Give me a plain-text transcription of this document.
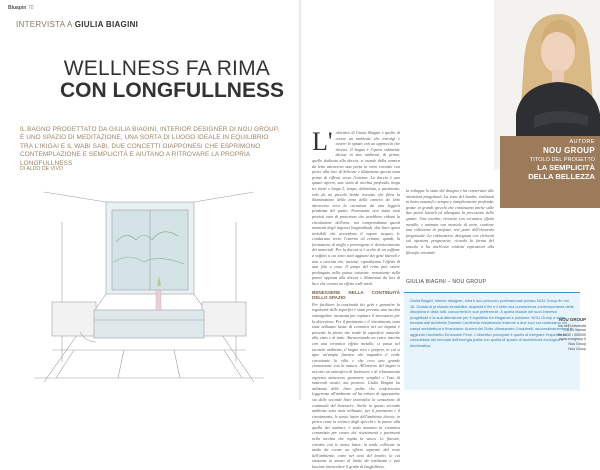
Bluapin 70
INTERVISTA A GIULIA BIAGINI
WELLNESS FA RIMA
CON LONGFULLNESS

IL BAGNO PROGETTATO DA GIULIA BIAGINI, INTERIOR DESIGNER DI NOU GROUP, È UNO SPAZIO DI MEDITAZIONE, UNA SORTA DI LUOGO IDEALE IN EQUILIBRIO TRA L'IKIGAI E IL WABI SABI, DUE CONCETTI GIAPPONESI CHE ESPRIMONO CONTEMPLAZIONE E SEMPLICITÀ E AIUTANO A RITROVARE LA PROPRIA LONGFULLNESS

DI ALDO DE VIVO

L' obiettivo di Giulia Biagini è quello di creare un ambiente che travolgi e avvere lo spazio con un approccio che ritorno. Il bagno è l'opera valimente diciosi in duo ambienti, di primo, quello dedicato alla doccia, si esende dalla camera da letto attraverso una porta in vetro rivestito con pietre alla luce di Silicone e illuminano questa zona primo di riflessi verso l'esterno. La doccia è uno spazio aperto, una sorta di nicchia profonda, larga tre metri e lunga 3, tempo, delimitata, a pavimento, solo da un piccolo bordo rivestito che filtra la illuminazione della zona della camera da letto attraverso cera la curvatura da una leggera pendenza del piatto. Nonostante non siano stati previsti vetri di protezione che avrebbero ridotto la circolazione dell'aria, noi comprendiamo questi momenti degli ingressi longitudinali, due linee quasi invisibili che accendono il vapore acqueo, le conducano verso l'esterno ed evitano, quindi, la formazione di muffa e provengono il deterioramento dei materiali. Per la doccia si è scelto di un soffione a soffitto a cui sono stati aggiunti dei getti laterali e una a cascata che, insieme, riproducono l'effetto di una fola a cosa. Il tempo del relax può essere prolungato nella panca esistente, nonostante nella parete opposta alla doccia e illuminata da luci di luce che creano un effetto wall-wash.
BENESSERE NELLA CONTINUITÀ DELLO SPAZIO
Per facilitare la continuità dei getti e garantire la regolarità delle superfici è stata prevista una nicchia rettangolare incassata per ospitare il necessario per la detersione. Per il pavimento e il rivestimento sono state utilizzate lastre di ceramica nei cui impasti è presente la pietra che tende la superficie naturale alla vista e al tatto. Attraversando un varco inserito con una ceramica effetto metallo, si passa nel secondo ambiente, il bagno vero e proprio, in cui si apre un'ampia finestra che inquadra il verde circostante la villa e che crea una grande connessione con la natura. All'interno del bagno si accorto un atmosfera di benessere e di rilassamento espressa attraverso geometrie semplici e l'uso di materiali neutri, ma preziosi. Giulia Biagini ha utilizzato delle linee pulite che conferiscono leggerezza all'ambiente ed ha evitato di appesantire sia delle seconde linee intensifica la sensazione di continuità del benessere. Anche in questo secondo ambiente sono state utilizzate, per il pavimento e il rivestimento, le stesse lastre dell'ambiente doccia, in pietra come la cornice degli specchi e la parete alla quella dei sanitari, è stata montata la ceramica cementizia per creare dei rivestimenti e pavimenti nella nicchia che ospita la vasca. Le finestre, rivestite con le stesse lastre, la tende collocate in modo da creare un effetto separato dal resto dell'ambiente, come nel caso del lavabo, la cui struttura in mezzo al limite da realizzata e può lasciare intravedere il grado di longfullness.
la sviluppa lo stato del disegno e ha conservato alle intenzioni progettuali. La zona del lavabo, realizzati in lastre naturali e sempre e semplicemente profonda, grazie ai grandi specchi che continuano anche sulle due pareti laterali ed allungano la percezione dello spazio. Una nicchia, rivestita con ceramica effetto metallo, e animata con mensole di vetro, contiene una collezione di profumi, resi parte dell'elemento progettuale. La rubinetteria, disegnata con elementi sul opertura progressiva, ricorda la forma del sassolo a ha anch'essa evidenti ispirazioni alla filosofia orientale.
AUTORE
NOU GROUP
TITOLO DEL PROGETTO
LA SEMPLICITÀ
DELLA BELLEZZA
GIULIA BIAGINI – NOU GROUP

Giulia Biagini, interior designer, mira il suo percorso professionale presso NOU Group fin nel 16. Dotata di profonda sensibilità, acquista il filo e il fatto una conoscenza contemporanea della disciplina e della tutti, concorrenti le sue preferenze. A quella facade dei suoi interessi progettuali e la sua attenzione per il equilibrio tra eleganza e pulsione. NOU Group è stata fondata dall'architetto Daniele Cardinella inizialmente insieme a due soci sui costruiamo nei campi architettura e finanziario: Aurora del Sotto, Alessandro Grudzirelli, successivamente si è aggiunto l'architetto Emanuele Fiore. L'obiettivo principale è quello di integrare l'esperienza consolidata nel mercato dell'energia pulita con quella di spazio di architettura ecologica e bioclimatica.

NOU GROUP
Via dell'Università
21100 Varese
Tel 0332 / 000000
www.nougroup.it
Nou Group
Nou Group
